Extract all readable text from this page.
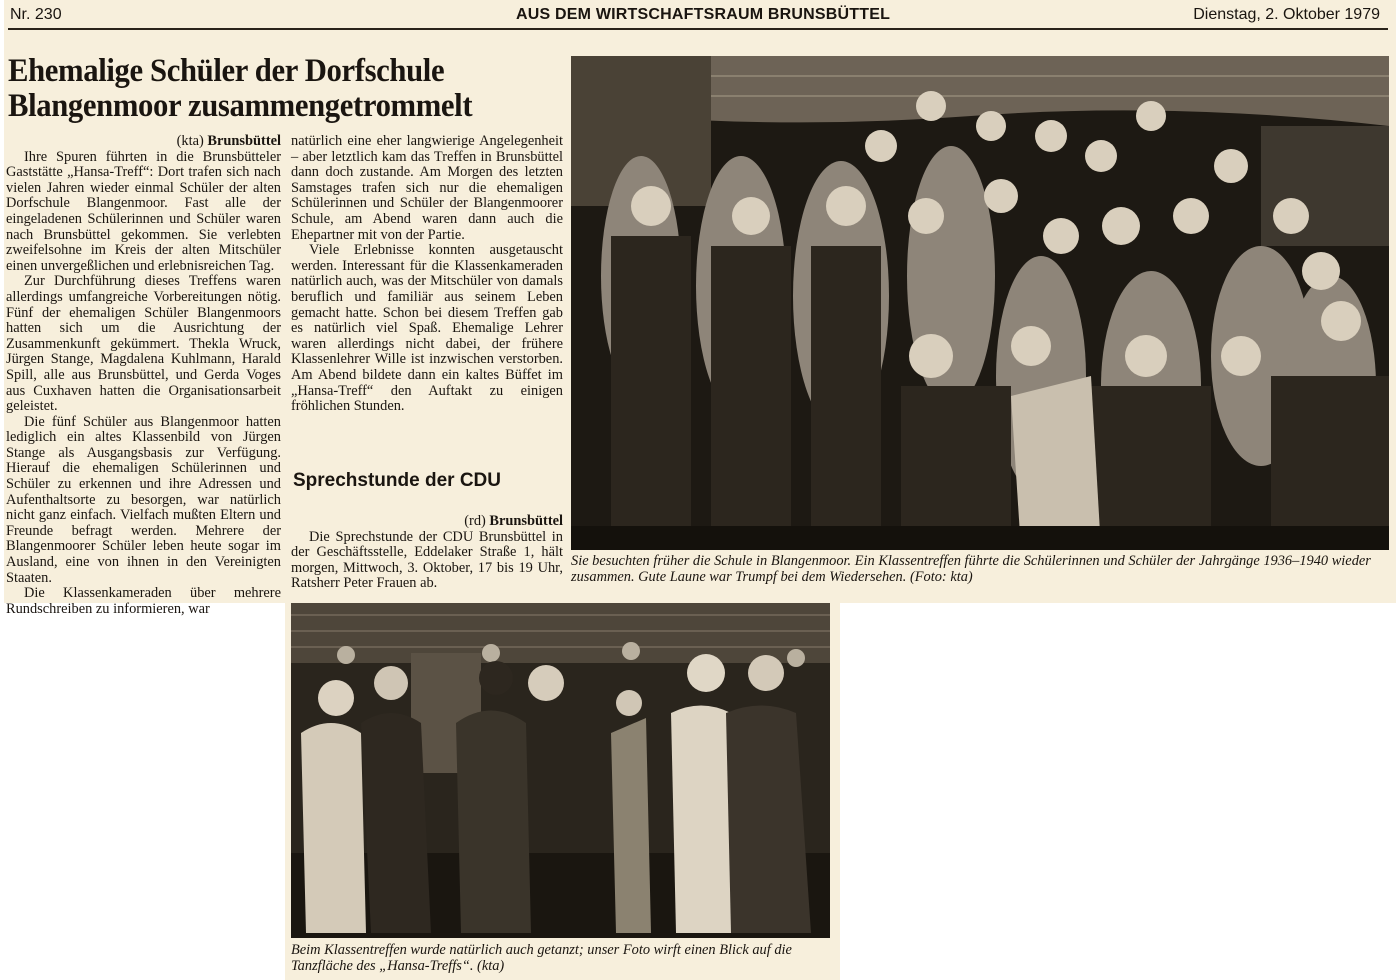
Nr. 230	AUS DEM WIRTSCHAFTSRAUM BRUNSBÜTTEL	Dienstag, 2. Oktober 1979
Ehemalige Schüler der Dorfschule
Blangenmoor zusammengetrommelt

(kta) Brunsbüttel

Ihre Spuren führten in die Brunsbütteler Gaststätte „Hansa-Treff“: Dort trafen sich nach vielen Jahren wieder einmal Schüler der alten Dorfschule Blangenmoor. Fast alle der eingeladenen Schülerinnen und Schüler waren nach Brunsbüttel gekommen. Sie verlebten zweifelsohne im Kreis der alten Mitschüler einen unvergeßlichen und erlebnisreichen Tag.

Zur Durchführung dieses Treffens waren allerdings umfangreiche Vorbereitungen nötig. Fünf der ehemaligen Schüler Blangenmoors hatten sich um die Ausrichtung der Zusammenkunft gekümmert. Thekla Wruck, Jürgen Stange, Magdalena Kuhlmann, Harald Spill, alle aus Brunsbüttel, und Gerda Voges aus Cuxhaven hatten die Organisationsarbeit geleistet.

Die fünf Schüler aus Blangenmoor hatten lediglich ein altes Klassenbild von Jürgen Stange als Ausgangsbasis zur Verfügung. Hierauf die ehemaligen Schülerinnen und Schüler zu erkennen und ihre Adressen und Aufenthaltsorte zu besorgen, war natürlich nicht ganz einfach. Vielfach mußten Eltern und Freunde befragt werden. Mehrere der Blangenmoorer Schüler leben heute sogar im Ausland, eine von ihnen in den Vereinigten Staaten.

Die Klassenkameraden über mehrere Rundschreiben zu informieren, war

natürlich eine eher langwierige Angelegenheit – aber letztlich kam das Treffen in Brunsbüttel dann doch zustande. Am Morgen des letzten Samstages trafen sich nur die ehemaligen Schülerinnen und Schüler der Blangenmoorer Schule, am Abend waren dann auch die Ehepartner mit von der Partie.

Viele Erlebnisse konnten ausgetauscht werden. Interessant für die Klassenkameraden natürlich auch, was der Mitschüler von damals beruflich und familiär aus seinem Leben gemacht hatte. Schon bei diesem Treffen gab es natürlich viel Spaß. Ehemalige Lehrer waren allerdings nicht dabei, der frühere Klassenlehrer Wille ist inzwischen verstorben. Am Abend bildete dann ein kaltes Büffet im „Hansa-Treff“ den Auftakt zu einigen fröhlichen Stunden.

Sprechstunde der CDU

(rd) Brunsbüttel

Die Sprechstunde der CDU Brunsbüttel in der Geschäftsstelle, Eddelaker Straße 1, hält morgen, Mittwoch, 3. Oktober, 17 bis 19 Uhr, Ratsherr Peter Frauen ab.

Sie besuchten früher die Schule in Blangenmoor. Ein Klassentreffen führte die Schülerinnen und Schüler der Jahrgänge 1936–1940 wieder zusammen. Gute Laune war Trumpf bei dem Wiedersehen. (Foto: kta)
Beim Klassentreffen wurde natürlich auch getanzt; unser Foto wirft einen Blick auf die Tanzfläche des „Hansa-Treffs“. (kta)
